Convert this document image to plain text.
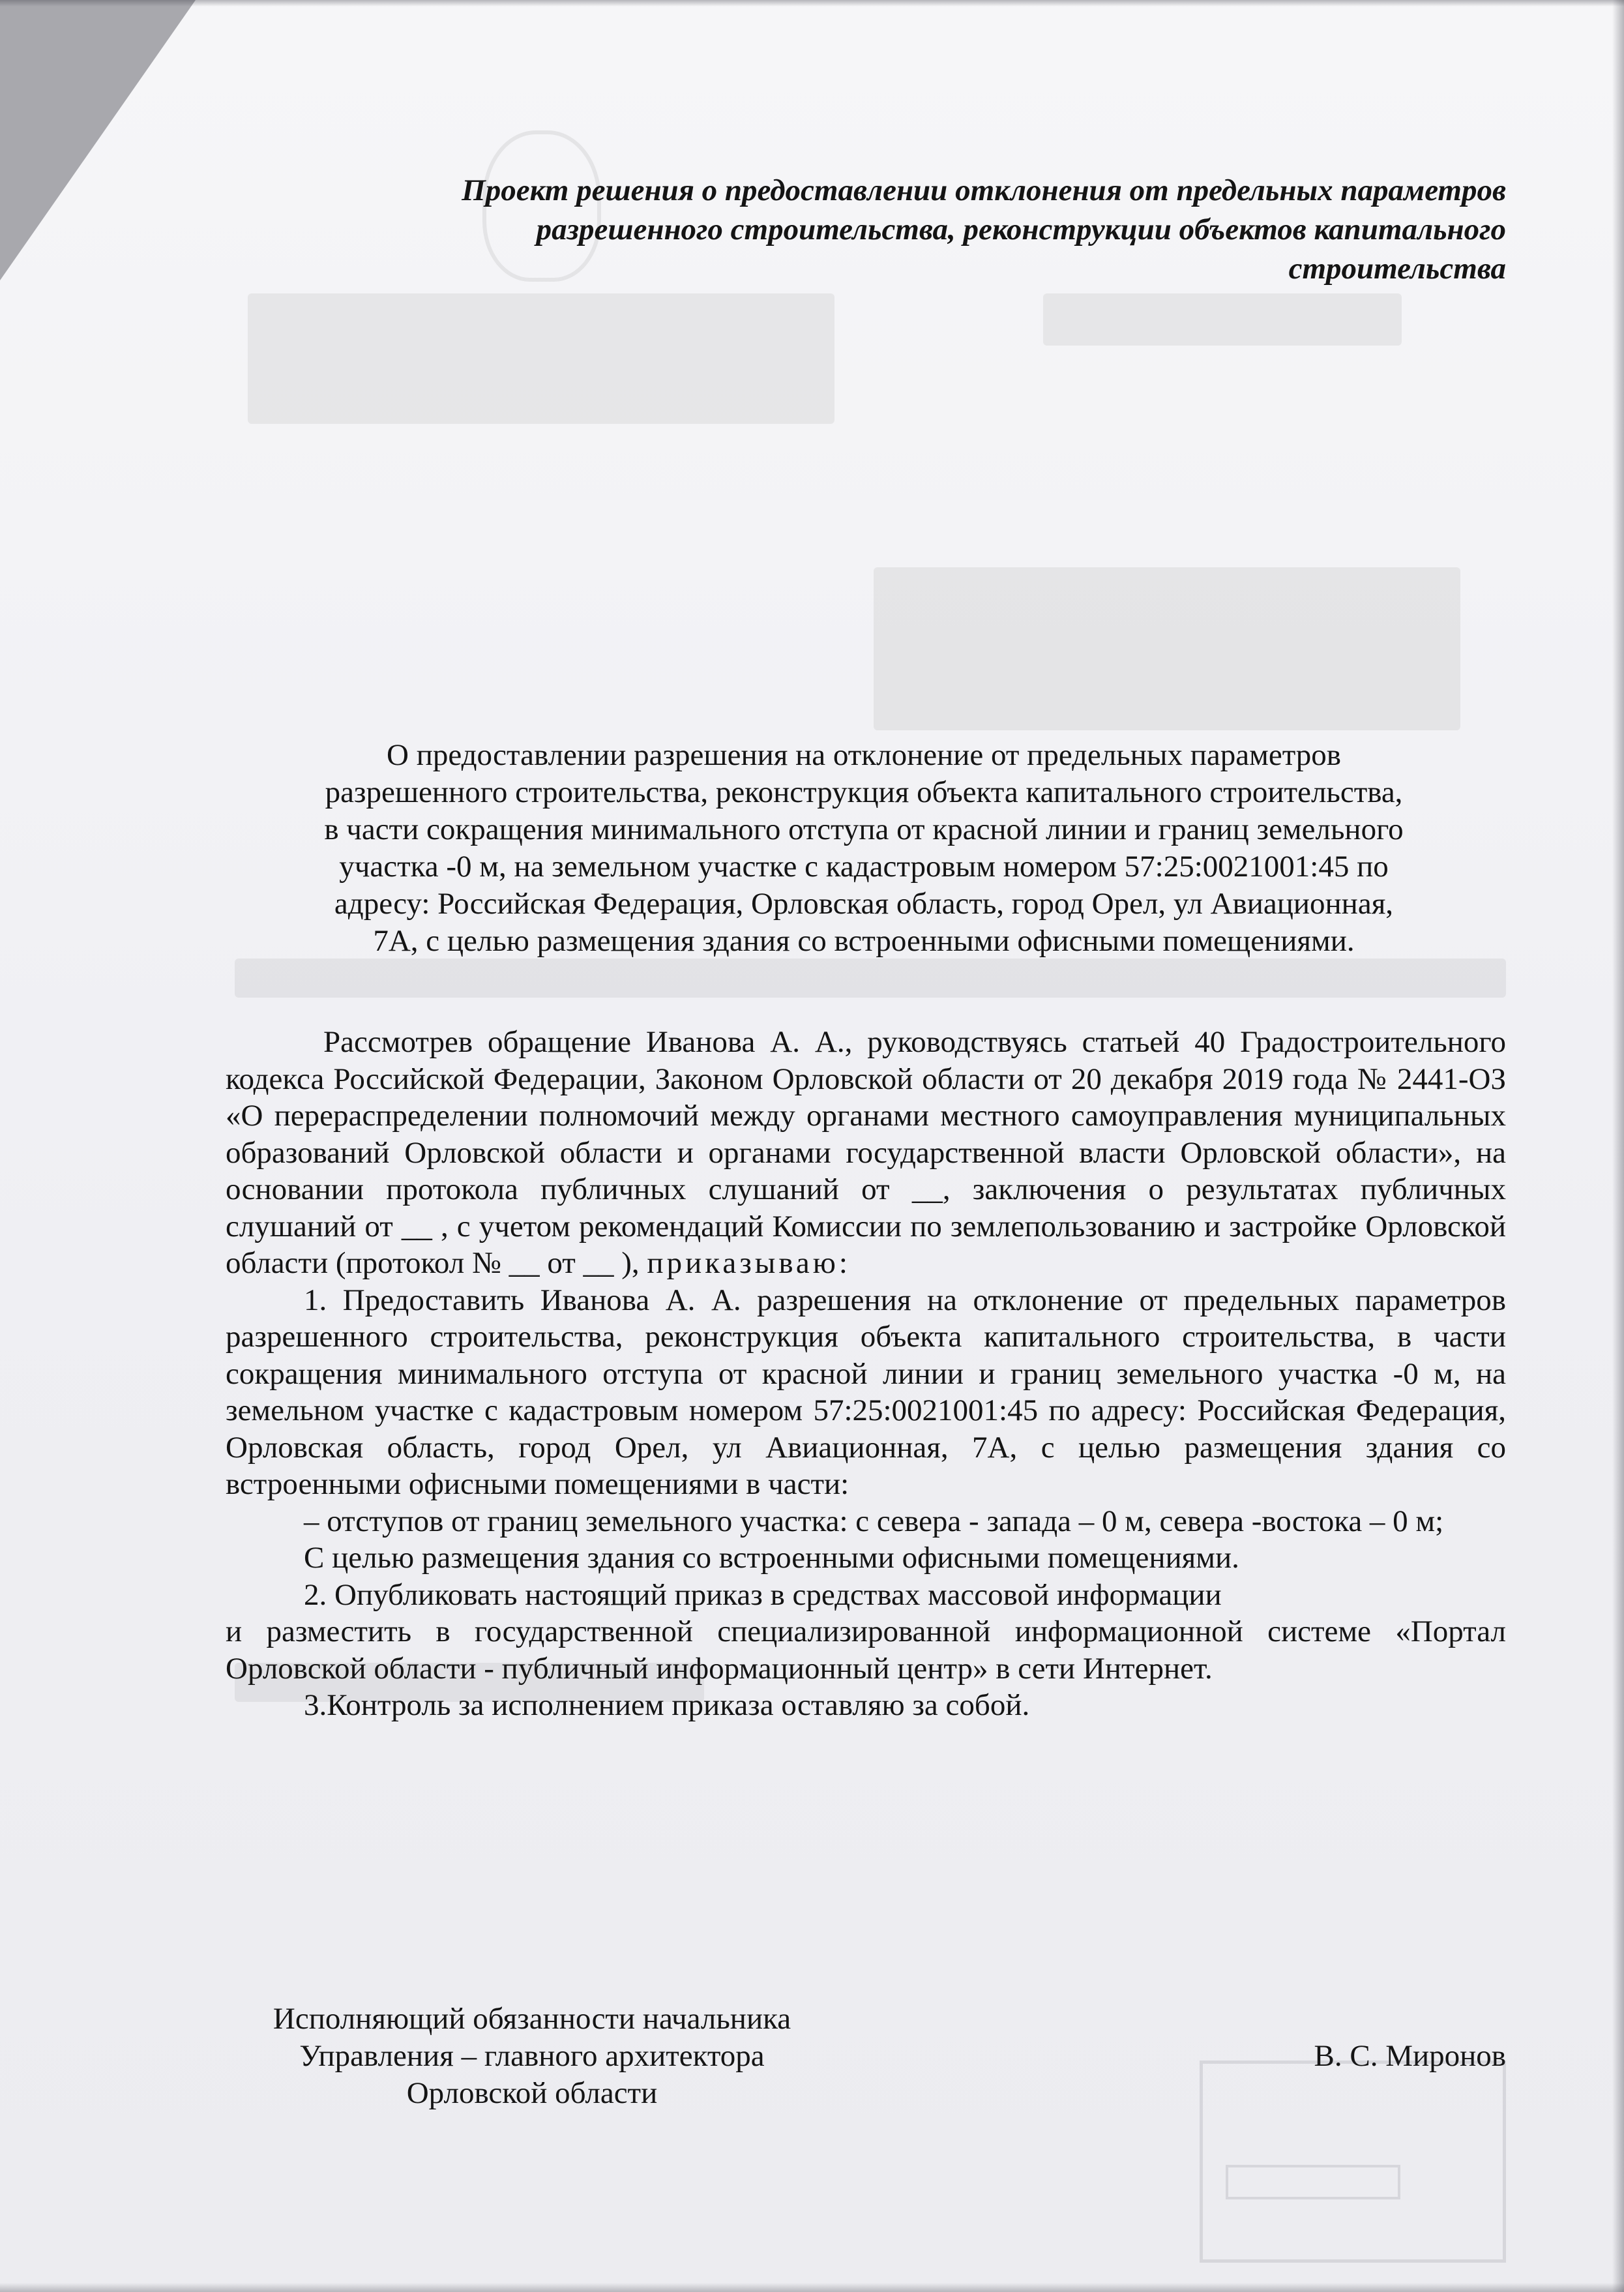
Проект решения о предоставлении отклонения от предельных параметров
разрешенного строительства, реконструкции объектов капитального
строительства

О предоставлении разрешения на отклонение от предельных параметров
разрешенного строительства, реконструкция объекта капитального строительства,
в части сокращения минимального отступа от красной линии и границ земельного
участка -0 м, на земельном участке с кадастровым номером 57:25:0021001:45 по
адресу: Российская Федерация, Орловская область, город Орел, ул Авиационная,
7А, с целью размещения здания со встроенными офисными помещениями.

Рассмотрев обращение Иванова А. А., руководствуясь статьей 40 Градостроительного кодекса Российской Федерации, Законом Орловской области от 20 декабря 2019 года № 2441-ОЗ «О перераспределении полномочий между органами местного самоуправления муниципальных образований Орловской области и органами государственной власти Орловской области», на основании протокола публичных слушаний от __, заключения о результатах публичных слушаний от __ , с учетом рекомендаций Комиссии по землепользованию и застройке Орловской области (протокол № __ от __ ), приказываю:

1. Предоставить Иванова А. А. разрешения на отклонение от предельных параметров разрешенного строительства, реконструкция объекта капитального строительства, в части сокращения минимального отступа от красной линии и границ земельного участка -0 м, на земельном участке с кадастровым номером 57:25:0021001:45 по адресу: Российская Федерация, Орловская область, город Орел, ул Авиационная, 7А, с целью размещения здания со встроенными офисными помещениями в части:

– отступов от границ земельного участка: с севера - запада – 0 м, севера -востока – 0 м;

С целью размещения здания со встроенными офисными помещениями.

2. Опубликовать настоящий приказ в средствах массовой информации

и разместить в государственной специализированной информационной системе «Портал Орловской области - публичный информационный центр» в сети Интернет.

3.Контроль за исполнением приказа оставляю за собой.

Исполняющий обязанности начальника
Управления – главного архитектора
Орловской области

В. С. Миронов
